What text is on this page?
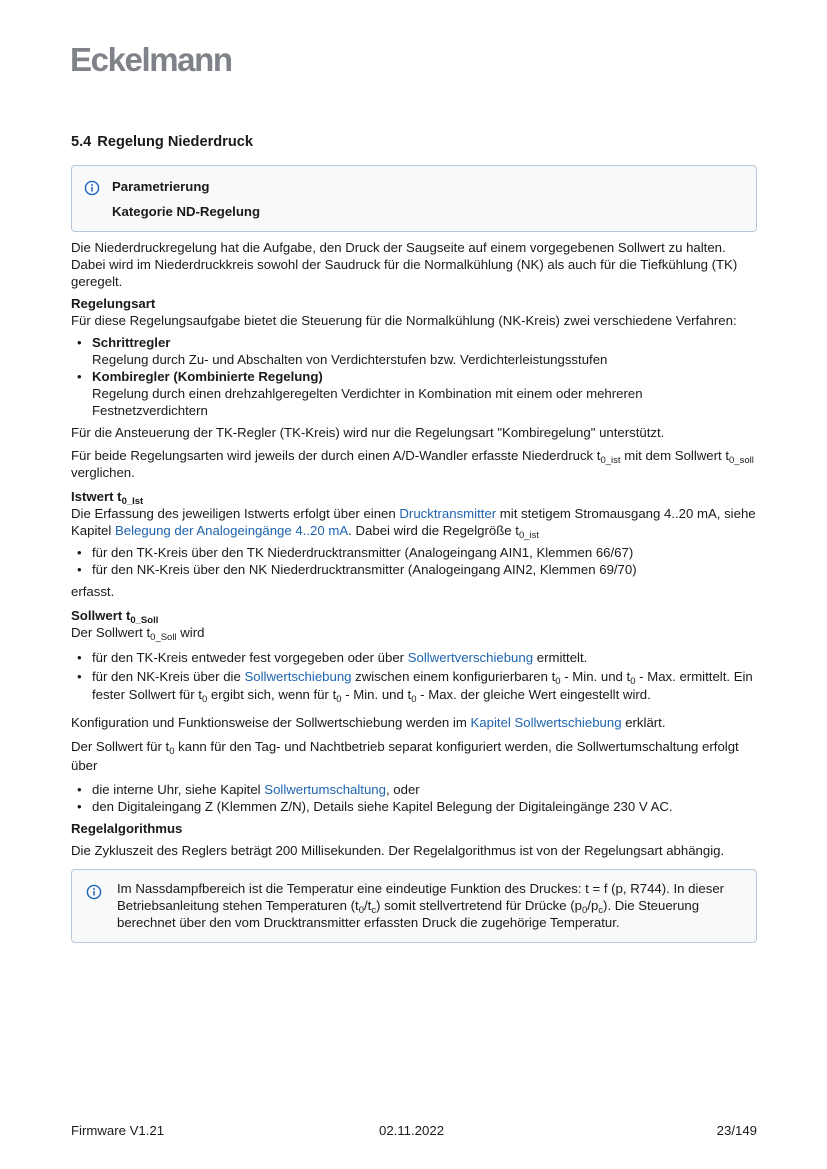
Eckelmann
5.4 Regelung Niederdruck
Parametrierung
Kategorie ND-Regelung

Die Niederdruckregelung hat die Aufgabe, den Druck der Saugseite auf einem vorgegebenen Sollwert zu halten. Dabei wird im Niederdruckkreis sowohl der Saudruck für die Normalkühlung (NK) als auch für die Tiefkühlung (TK) geregelt.

Regelungsart

Für diese Regelungsaufgabe bietet die Steuerung für die Normalkühlung (NK-Kreis) zwei verschiedene Verfahren:

• Schrittregler
Regelung durch Zu- und Abschalten von Verdichterstufen bzw. Verdichterleistungsstufen
• Kombiregler (Kombinierte Regelung)
Regelung durch einen drehzahlgeregelten Verdichter in Kombination mit einem oder mehreren Festnetzverdichtern

Für die Ansteuerung der TK-Regler (TK-Kreis) wird nur die Regelungsart "Kombiregelung" unterstützt.

Für beide Regelungsarten wird jeweils der durch einen A/D-Wandler erfasste Niederdruck $t_{0\_ist}$ mit dem Sollwert $t_{0\_soll}$ verglichen.

Istwert $t_{0\_Ist}$

Die Erfassung des jeweiligen Istwerts erfolgt über einen Drucktransmitter mit stetigem Stromausgang 4..20 mA, siehe Kapitel Belegung der Analogeingänge 4..20 mA. Dabei wird die Regelgröße $t_{0\_ist}$

• für den TK-Kreis über den TK Niederdrucktransmitter (Analogeingang AIN1, Klemmen 66/67)
• für den NK-Kreis über den NK Niederdrucktransmitter (Analogeingang AIN2, Klemmen 69/70)

erfasst.

Sollwert $t_{0\_Soll}$

Der Sollwert $t_{0\_Soll}$ wird

• für den TK-Kreis entweder fest vorgegeben oder über Sollwertverschiebung ermittelt.
• für den NK-Kreis über die Sollwertschiebung zwischen einem konfigurierbaren $t_0$ - Min. und $t_0$ - Max. ermittelt. Ein fester Sollwert für $t_0$ ergibt sich, wenn für $t_0$ - Min. und $t_0$ - Max. der gleiche Wert eingestellt wird.

Konfiguration und Funktionsweise der Sollwertschiebung werden im Kapitel Sollwertschiebung erklärt.

Der Sollwert für $t_0$ kann für den Tag- und Nachtbetrieb separat konfiguriert werden, die Sollwertumschaltung erfolgt über

• die interne Uhr, siehe Kapitel Sollwertumschaltung, oder
• den Digitaleingang Z (Klemmen Z/N), Details siehe Kapitel Belegung der Digitaleingänge 230 V AC.

Regelalgorithmus

Die Zykluszeit des Reglers beträgt 200 Millisekunden. Der Regelalgorithmus ist von der Regelungsart abhängig.

Im Nassdampfbereich ist die Temperatur eine eindeutige Funktion des Druckes: t = f (p, R744). In dieser Betriebsanleitung stehen Temperaturen $(t_0/t_c)$ somit stellvertretend für Drücke $(p_0/p_c)$. Die Steuerung berechnet über den vom Drucktransmitter erfassten Druck die zugehörige Temperatur.
Firmware V1.21	02.11.2022	23/149
